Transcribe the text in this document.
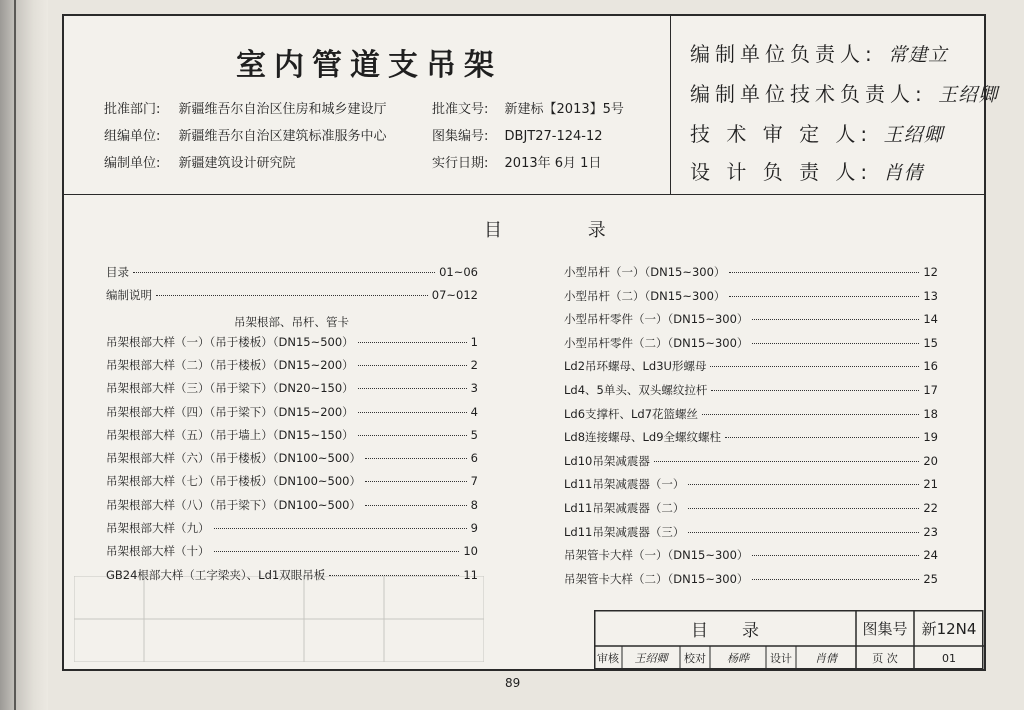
室内管道支吊架
批准部门: 新疆维吾尔自治区住房和城乡建设厅
组编单位: 新疆维吾尔自治区建筑标准服务中心
编制单位: 新疆建筑设计研究院
批准文号: 新建标【2013】5号
图集编号: DBJT27-124-12
实行日期: 2013年 6月 1日
编制单位负责人: 常建立
编制单位技术负责人: 王绍卿
技 术 审 定 人: 王绍卿
设 计 负 责 人: 肖倩
目 录
吊架根部、吊杆、管卡
目录	01~06
编制说明	07~012
吊架根部大样（一）（吊于楼板）（DN15~500）	1
吊架根部大样（二）（吊于楼板）（DN15~200）	2
吊架根部大样（三）（吊于梁下）（DN20~150）	3
吊架根部大样（四）（吊于梁下）（DN15~200）	4
吊架根部大样（五）（吊于墙上）（DN15~150）	5
吊架根部大样（六）（吊于楼板）（DN100~500）	6
吊架根部大样（七）（吊于楼板）（DN100~500）	7
吊架根部大样（八）（吊于梁下）（DN100~500）	8
吊架根部大样（九）	9
吊架根部大样（十）	10
GB24根部大样（工字梁夹）、Ld1双眼吊板	11
小型吊杆（一）（DN15~300）	12
小型吊杆（二）（DN15~300）	13
小型吊杆零件（一）（DN15~300）	14
小型吊杆零件（二）（DN15~300）	15
Ld2吊环螺母、Ld3U形螺母	16
Ld4、5单头、双头螺纹拉杆	17
Ld6支撑杆、Ld7花篮螺丝	18
Ld8连接螺母、Ld9全螺纹螺柱	19
Ld10吊架减震器	20
Ld11吊架减震器（一）	21
Ld11吊架减震器（二）	22
Ld11吊架减震器（三）	23
吊架管卡大样（一）（DN15~300）	24
吊架管卡大样（二）（DN15~300）	25
目　　录	图集号 新12N4
审核	王绍卿	校对	杨晔	设计	肖倩	页 次	01
89
